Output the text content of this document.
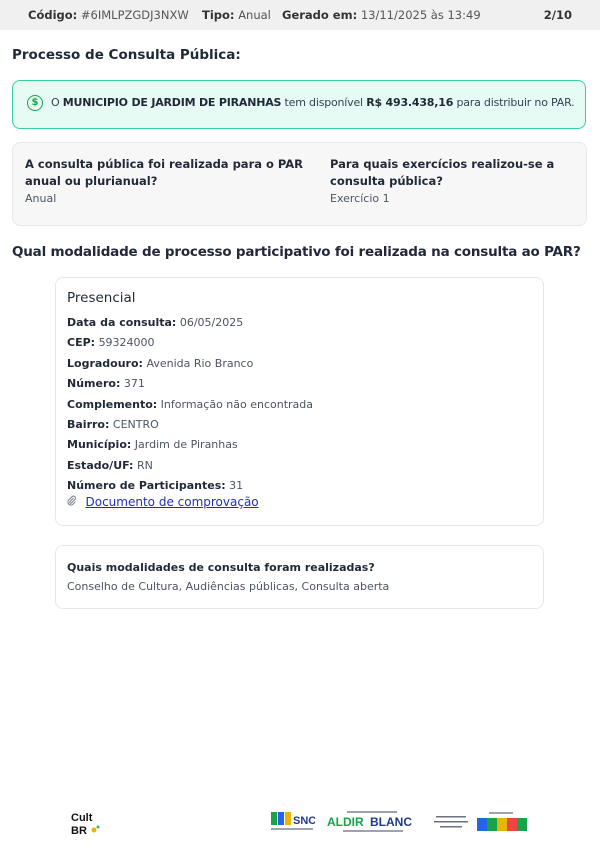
Código: #6IMLPZGDJ3NXW Tipo: Anual Gerado em: 13/11/2025 às 13:49	2/10
Processo de Consulta Pública:
$	O MUNICIPIO DE JARDIM DE PIRANHAS tem disponível R$ 493.438,16 para distribuir no PAR.
A consulta pública foi realizada para o PAR anual ou plurianual?
Anual
Para quais exercícios realizou-se a consulta pública?
Exercício 1
Qual modalidade de processo participativo foi realizada na consulta ao PAR?
Presencial
Data da consulta: 06/05/2025
CEP: 59324000
Logradouro: Avenida Rio Branco
Número: 371
Complemento: Informação não encontrada
Bairro: CENTRO
Município: Jardim de Piranhas
Estado/UF: RN
Número de Participantes: 31
Documento de comprovação
Quais modalidades de consulta foram realizadas?
Conselho de Cultura, Audiências públicas, Consulta aberta
Cult
BR
SNC ALDIR BLANC
